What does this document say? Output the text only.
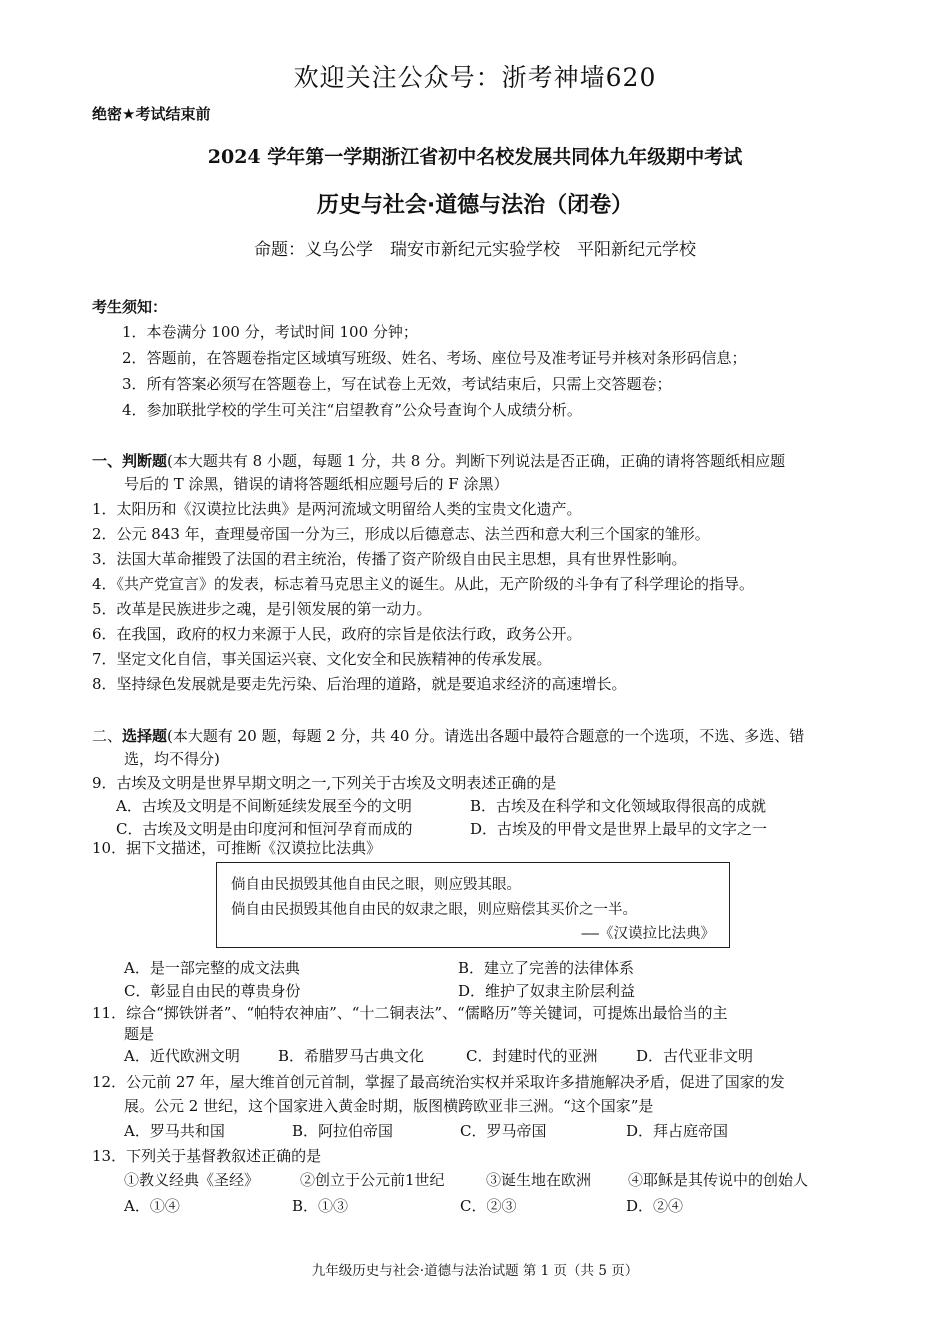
欢迎关注公众号：浙考神墙620
绝密★考试结束前
2024 学年第一学期浙江省初中名校发展共同体九年级期中考试
历史与社会·道德与法治（闭卷）
命题：义乌公学　瑞安市新纪元实验学校　平阳新纪元学校
考生须知：
1．本卷满分 100 分，考试时间 100 分钟；
2．答题前，在答题卷指定区域填写班级、姓名、考场、座位号及准考证号并核对条形码信息；
3．所有答案必须写在答题卷上，写在试卷上无效，考试结束后，只需上交答题卷；
4．参加联批学校的学生可关注“启望教育”公众号查询个人成绩分析。
一、判断题(本大题共有 8 小题，每题 1 分，共 8 分。判断下列说法是否正确，正确的请将答题纸相应题
号后的 T 涂黑，错误的请将答题纸相应题号后的 F 涂黑）
1．太阳历和《汉谟拉比法典》是两河流域文明留给人类的宝贵文化遗产。
2．公元 843 年，查理曼帝国一分为三，形成以后德意志、法兰西和意大利三个国家的雏形。
3．法国大革命摧毁了法国的君主统治，传播了资产阶级自由民主思想，具有世界性影响。
4．《共产党宣言》的发表，标志着马克思主义的诞生。从此，无产阶级的斗争有了科学理论的指导。
5．改革是民族进步之魂，是引领发展的第一动力。
6．在我国，政府的权力来源于人民，政府的宗旨是依法行政，政务公开。
7．坚定文化自信，事关国运兴衰、文化安全和民族精神的传承发展。
8．坚持绿色发展就是要走先污染、后治理的道路，就是要追求经济的高速增长。
二、选择题(本大题有 20 题，每题 2 分，共 40 分。请选出各题中最符合题意的一个选项，不选、多选、错
选，均不得分)
9．古埃及文明是世界早期文明之一,下列关于古埃及文明表述正确的是
A．古埃及文明是不间断延续发展至今的文明	B．古埃及在科学和文化领域取得很高的成就
C．古埃及文明是由印度河和恒河孕育而成的	D．古埃及的甲骨文是世界上最早的文字之一
10．据下文描述，可推断《汉谟拉比法典》
倘自由民损毁其他自由民之眼，则应毁其眼。
倘自由民损毁其他自由民的奴隶之眼，则应赔偿其买价之一半。
——《汉谟拉比法典》
A．是一部完整的成文法典	B．建立了完善的法律体系
C．彰显自由民的尊贵身份	D．维护了奴隶主阶层利益
11．综合“掷铁饼者”、“帕特农神庙”、“十二铜表法”、“儒略历”等关键词，可提炼出最恰当的主
题是
A．近代欧洲文明	B．希腊罗马古典文化	C．封建时代的亚洲	D．古代亚非文明
12．公元前 27 年，屋大维首创元首制，掌握了最高统治实权并采取许多措施解决矛盾，促进了国家的发
展。公元 2 世纪，这个国家进入黄金时期，版图横跨欧亚非三洲。“这个国家”是
A．罗马共和国	B．阿拉伯帝国	C．罗马帝国	D．拜占庭帝国
13．下列关于基督教叙述正确的是
①教义经典《圣经》	②创立于公元前1世纪	③诞生地在欧洲 ④耶稣是其传说中的创始人
A．①④	B．①③	C．②③	D．②④
九年级历史与社会·道德与法治试题 第 1 页（共 5 页）
